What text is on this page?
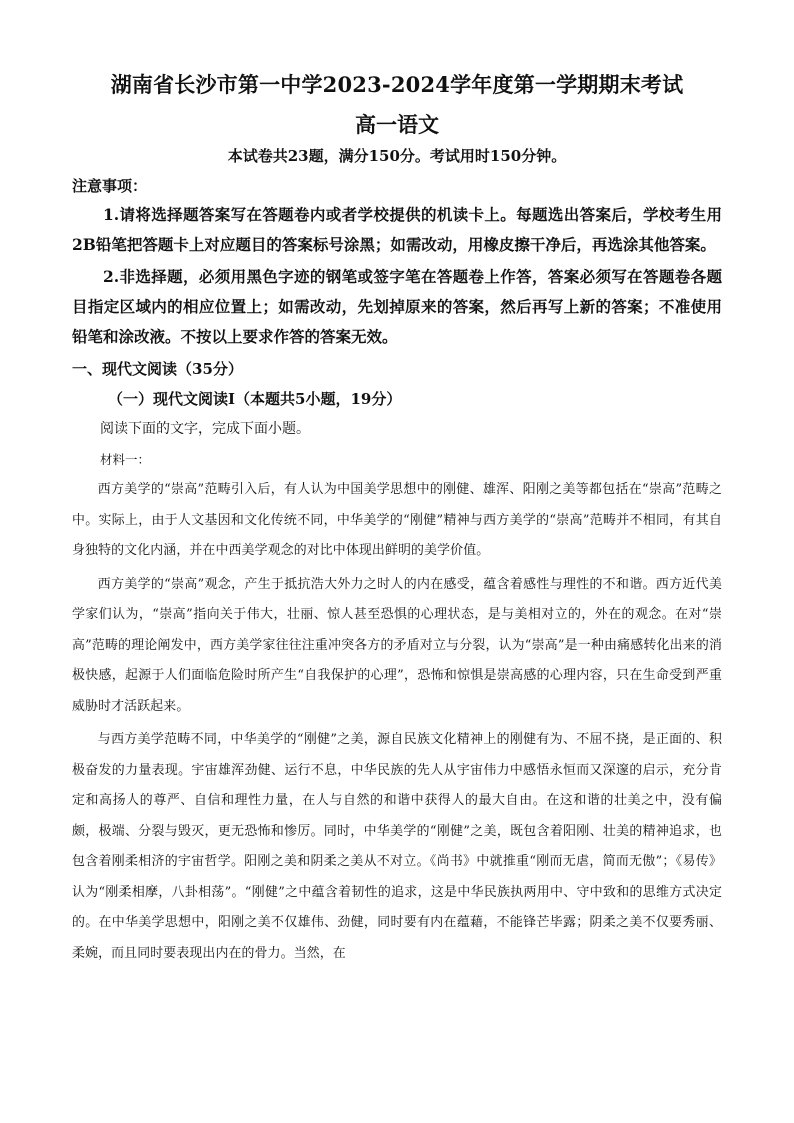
湖南省长沙市第一中学2023-2024学年度第一学期期末考试
高一语文

本试卷共23题，满分150分。考试用时150分钟。

注意事项：

1.请将选择题答案写在答题卷内或者学校提供的机读卡上。每题选出答案后，学校考生用2B铅笔把答题卡上对应题目的答案标号涂黑；如需改动，用橡皮擦干净后，再选涂其他答案。

2.非选择题，必须用黑色字迹的钢笔或签字笔在答题卷上作答，答案必须写在答题卷各题目指定区域内的相应位置上；如需改动，先划掉原来的答案，然后再写上新的答案；不准使用铅笔和涂改液。不按以上要求作答的答案无效。

一、现代文阅读（35分）

（一）现代文阅读Ⅰ（本题共5小题，19分）

阅读下面的文字，完成下面小题。

材料一：

西方美学的“崇高”范畴引入后，有人认为中国美学思想中的刚健、雄浑、阳刚之美等都包括在“崇高”范畴之中。实际上，由于人文基因和文化传统不同，中华美学的“刚健”精神与西方美学的“崇高”范畴并不相同，有其自身独特的文化内涵，并在中西美学观念的对比中体现出鲜明的美学价值。

西方美学的“崇高”观念，产生于抵抗浩大外力之时人的内在感受，蕴含着感性与理性的不和谐。西方近代美学家们认为，“崇高”指向关于伟大，壮丽、惊人甚至恐惧的心理状态，是与美相对立的，外在的观念。在对“崇高”范畴的理论阐发中，西方美学家往往注重冲突各方的矛盾对立与分裂，认为“崇高”是一种由痛感转化出来的消极快感，起源于人们面临危险时所产生“自我保护的心理”，恐怖和惊惧是崇高感的心理内容，只在生命受到严重威胁时才活跃起来。

与西方美学范畴不同，中华美学的“刚健”之美，源自民族文化精神上的刚健有为、不屈不挠，是正面的、积极奋发的力量表现。宇宙雄浑劲健、运行不息，中华民族的先人从宇宙伟力中感悟永恒而又深邃的启示，充分肯定和高扬人的尊严、自信和理性力量，在人与自然的和谐中获得人的最大自由。在这和谐的壮美之中，没有偏颇，极端、分裂与毁灭，更无恐怖和惨厉。同时，中华美学的“刚健”之美，既包含着阳刚、壮美的精神追求，也包含着刚柔相济的宇宙哲学。阳刚之美和阴柔之美从不对立。《尚书》中就推重“刚而无虐，简而无傲”；《易传》认为“刚柔相摩，八卦相荡”。“刚健”之中蕴含着韧性的追求，这是中华民族执两用中、守中致和的思维方式决定的。在中华美学思想中，阳刚之美不仅雄伟、劲健，同时要有内在蕴藉，不能锋芒毕露；阴柔之美不仅要秀丽、柔婉，而且同时要表现出内在的骨力。当然，在
